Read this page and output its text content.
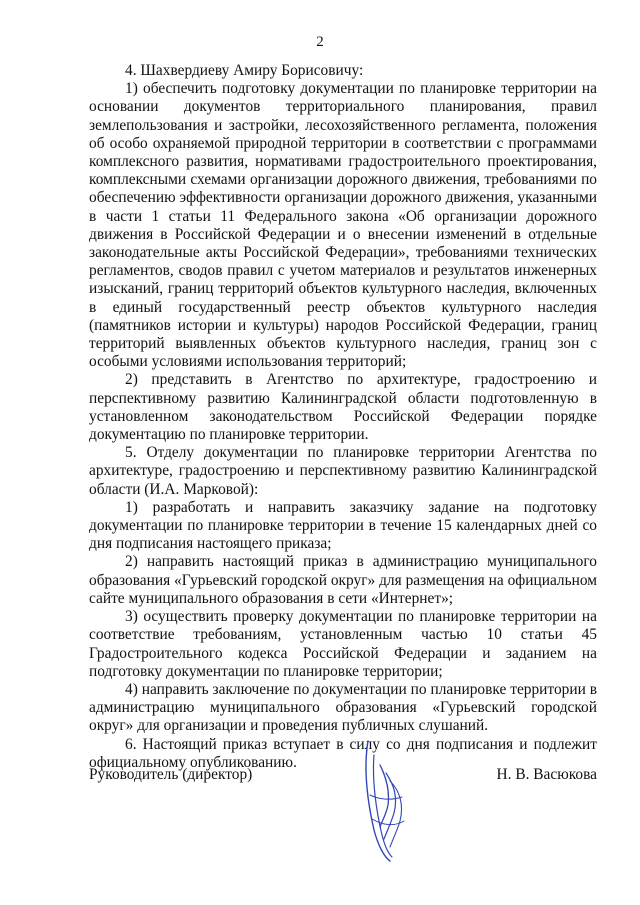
2

4. Шахвердиеву Амиру Борисовичу:

1) обеспечить подготовку документации по планировке территории на основании документов территориального планирования, правил землепользования и застройки, лесохозяйственного регламента, положения об особо охраняемой природной территории в соответствии с программами комплексного развития, нормативами градостроительного проектирования, комплексными схемами организации дорожного движения, требованиями по обеспечению эффективности организации дорожного движения, указанными в части 1 статьи 11 Федерального закона «Об организации дорожного движения в Российской Федерации и о внесении изменений в отдельные законодательные акты Российской Федерации», требованиями технических регламентов, сводов правил с учетом материалов и результатов инженерных изысканий, границ территорий объектов культурного наследия, включенных в единый государственный реестр объектов культурного наследия (памятников истории и культуры) народов Российской Федерации, границ территорий выявленных объектов культурного наследия, границ зон с особыми условиями использования территорий;

2) представить в Агентство по архитектуре, градостроению и перспективному развитию Калининградской области подготовленную в установленном законодательством Российской Федерации порядке документацию по планировке территории.

5. Отделу документации по планировке территории Агентства по архитектуре, градостроению и перспективному развитию Калининградской области (И.А. Марковой):

1) разработать и направить заказчику задание на подготовку документации по планировке территории в течение 15 календарных дней со дня подписания настоящего приказа;

2) направить настоящий приказ в администрацию муниципального образования «Гурьевский городской округ» для размещения на официальном сайте муниципального образования в сети «Интернет»;

3) осуществить проверку документации по планировке территории на соответствие требованиям, установленным частью 10 статьи 45 Градостроительного кодекса Российской Федерации и заданием на подготовку документации по планировке территории;

4) направить заключение по документации по планировке территории в администрацию муниципального образования «Гурьевский городской округ» для организации и проведения публичных слушаний.

6. Настоящий приказ вступает в силу со дня подписания и подлежит официальному опубликованию.

Руководитель (директор)	Н. В. Васюкова
